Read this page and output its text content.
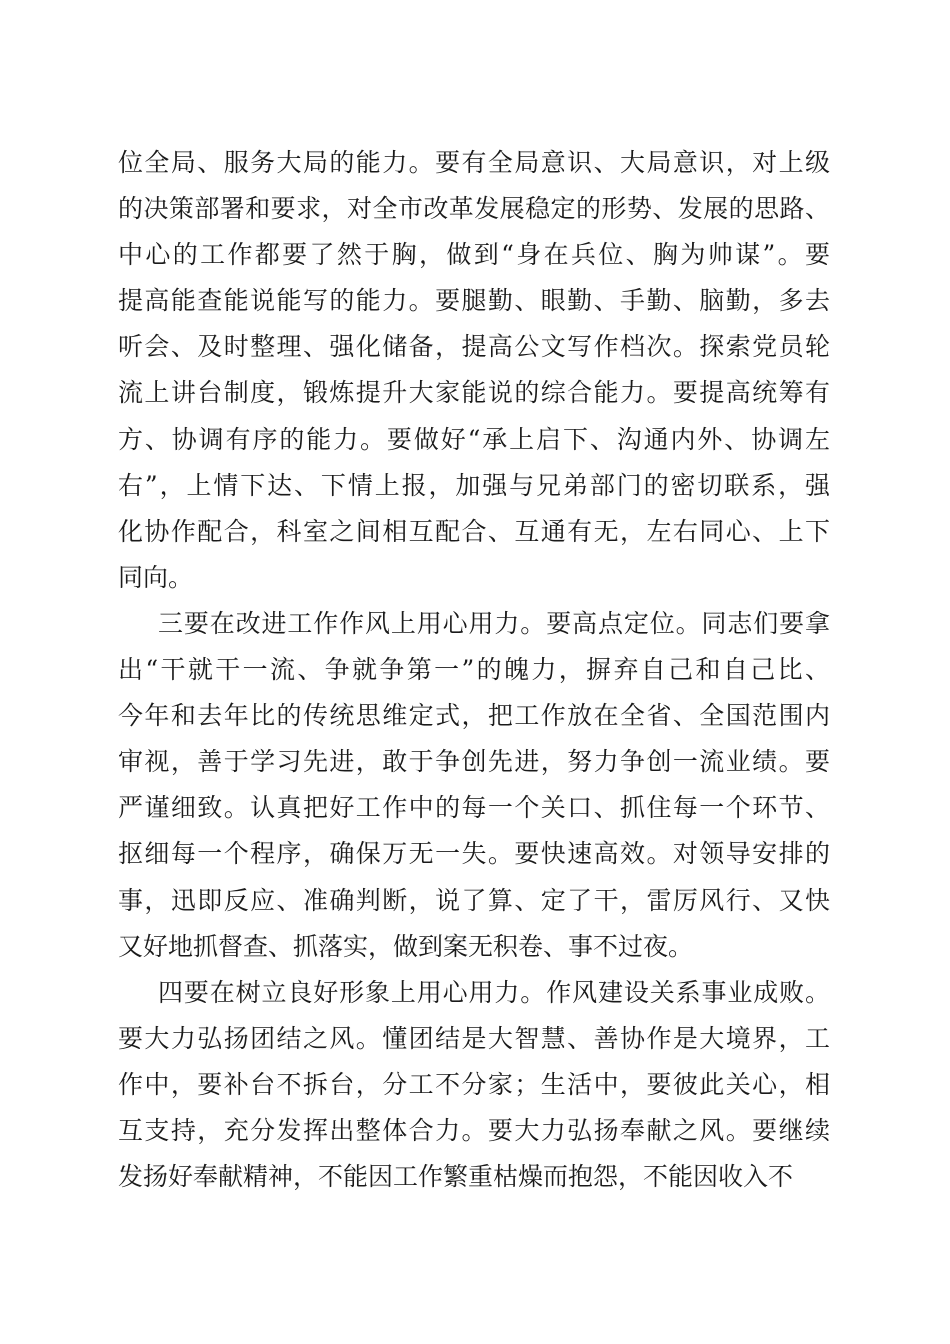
位全局、服务大局的能力。要有全局意识、大局意识，对上级
的决策部署和要求，对全市改革发展稳定的形势、发展的思路、
中心的工作都要了然于胸，做到“身在兵位、胸为帅谋”。要
提高能查能说能写的能力。要腿勤、眼勤、手勤、脑勤，多去
听会、及时整理、强化储备，提高公文写作档次。探索党员轮
流上讲台制度，锻炼提升大家能说的综合能力。要提高统筹有
方、协调有序的能力。要做好“承上启下、沟通内外、协调左
右”，上情下达、下情上报，加强与兄弟部门的密切联系，强
化协作配合，科室之间相互配合、互通有无，左右同心、上下
同向。
三要在改进工作作风上用心用力。要高点定位。同志们要拿
出“干就干一流、争就争第一”的魄力，摒弃自己和自己比、
今年和去年比的传统思维定式，把工作放在全省、全国范围内
审视，善于学习先进，敢于争创先进，努力争创一流业绩。要
严谨细致。认真把好工作中的每一个关口、抓住每一个环节、
抠细每一个程序，确保万无一失。要快速高效。对领导安排的
事，迅即反应、准确判断，说了算、定了干，雷厉风行、又快
又好地抓督查、抓落实，做到案无积卷、事不过夜。
四要在树立良好形象上用心用力。作风建设关系事业成败。
要大力弘扬团结之风。懂团结是大智慧、善协作是大境界，工
作中，要补台不拆台，分工不分家；生活中，要彼此关心，相
互支持，充分发挥出整体合力。要大力弘扬奉献之风。要继续
发扬好奉献精神，不能因工作繁重枯燥而抱怨，不能因收入不
